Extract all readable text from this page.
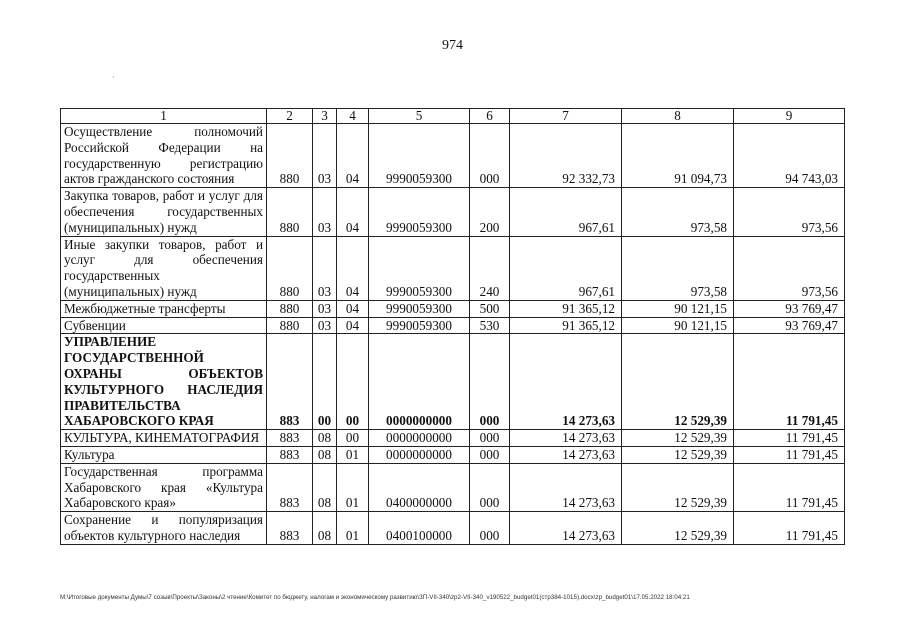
974
·
1	2	3	4	5	6	7	8	9
Осуществление полномочий Российской Федерации на государственную регистрацию актов гражданского состояния	880	03	04	9990059300	000	92 332,73	91 094,73	94 743,03
Закупка товаров, работ и услуг для обеспечения государственных (муниципальных) нужд	880	03	04	9990059300	200	967,61	973,58	973,56
Иные закупки товаров, работ и услуг для обеспечения государственных (муниципальных) нужд	880	03	04	9990059300	240	967,61	973,58	973,56
Межбюджетные трансферты	880	03	04	9990059300	500	91 365,12	90 121,15	93 769,47
Субвенции	880	03	04	9990059300	530	91 365,12	90 121,15	93 769,47
УПРАВЛЕНИЕ ГОСУДАРСТВЕННОЙ ОХРАНЫ ОБЪЕКТОВ КУЛЬТУРНОГО НАСЛЕДИЯ ПРАВИТЕЛЬСТВА ХАБАРОВСКОГО КРАЯ	883	00	00	0000000000	000	14 273,63	12 529,39	11 791,45
КУЛЬТУРА, КИНЕМАТОГРАФИЯ	883	08	00	0000000000	000	14 273,63	12 529,39	11 791,45
Культура	883	08	01	0000000000	000	14 273,63	12 529,39	11 791,45
Государственная программа Хабаровского края «Культура Хабаровского края»	883	08	01	0400000000	000	14 273,63	12 529,39	11 791,45
Сохранение и популяризация объектов культурного наследия	883	08	01	0400100000	000	14 273,63	12 529,39	11 791,45
M:\Итоговые документы Думы\7 созыв\Проекты\Законы\2 чтение\Комитет по бюджету, налогам и экономическому развитию\ЗП-VII-340\zp2-VII-340_v190522_budget01(стр384-1015).docx\zp_budget01\17.05.2022 18:04:21
